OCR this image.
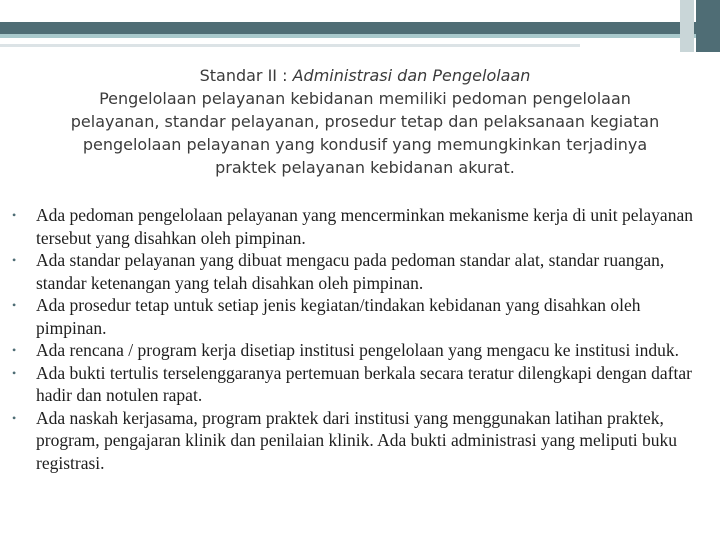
Standar II : Administrasi dan Pengelolaan
Pengelolaan pelayanan kebidanan memiliki pedoman pengelolaan
pelayanan, standar pelayanan, prosedur tetap dan pelaksanaan kegiatan
pengelolaan pelayanan yang kondusif yang memungkinkan terjadinya
praktek pelayanan kebidanan akurat.
• Ada pedoman pengelolaan pelayanan yang mencerminkan mekanisme kerja di unit pelayanan tersebut yang disahkan oleh pimpinan.
• Ada standar pelayanan yang dibuat mengacu pada pedoman standar alat, standar ruangan, standar ketenangan yang telah disahkan oleh pimpinan.
• Ada prosedur tetap untuk setiap jenis kegiatan/tindakan kebidanan yang disahkan oleh pimpinan.
• Ada rencana / program kerja disetiap institusi pengelolaan yang mengacu ke institusi induk.
• Ada bukti tertulis terselenggaranya pertemuan berkala secara teratur dilengkapi dengan daftar hadir dan notulen rapat.
• Ada naskah kerjasama, program praktek dari institusi yang menggunakan latihan praktek, program, pengajaran klinik dan penilaian klinik. Ada bukti administrasi yang meliputi buku registrasi.
